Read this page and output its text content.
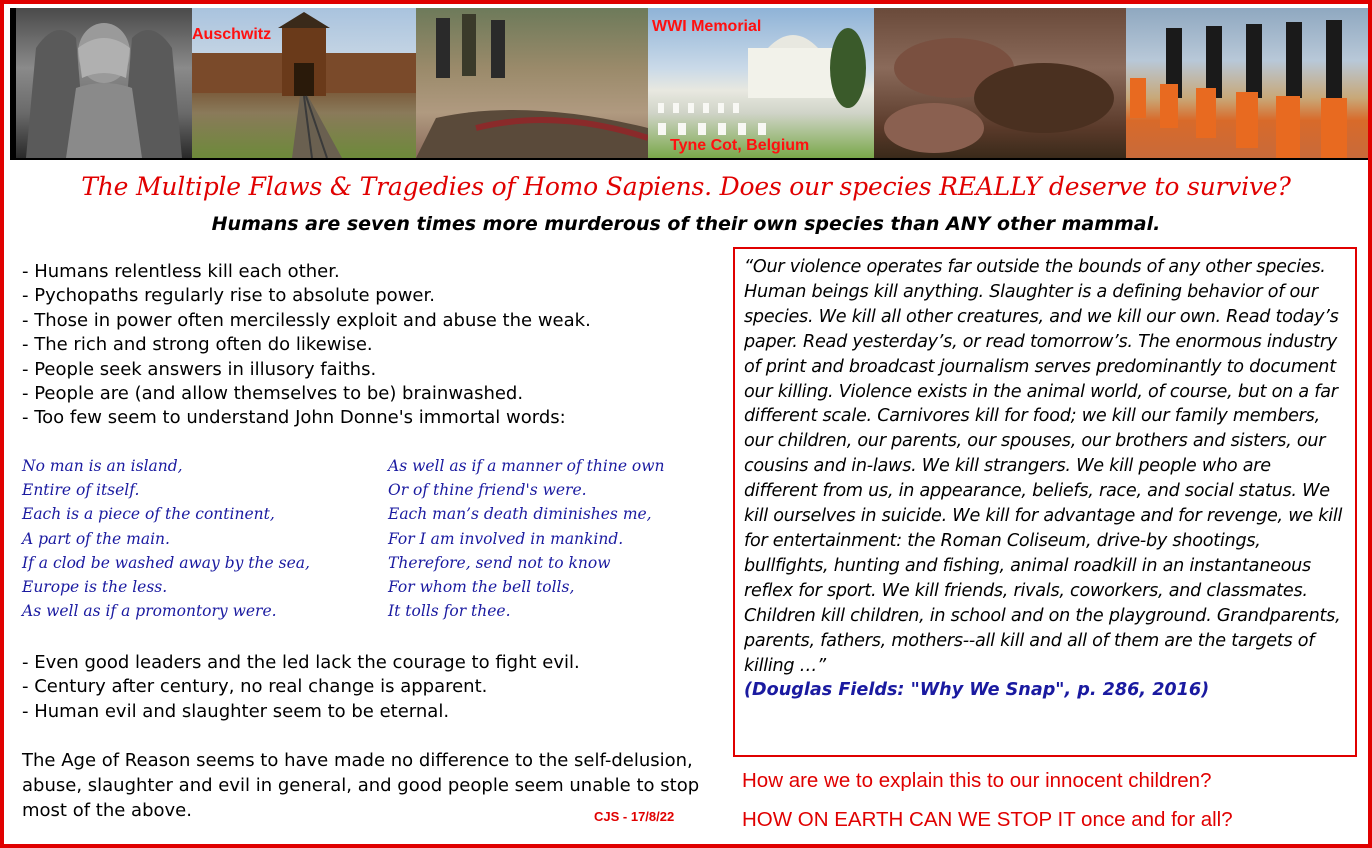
Auschwitz	WWI Memorial
Tyne Cot, Belgium
The Multiple Flaws & Tragedies of Homo Sapiens. Does our species REALLY deserve to survive?
Humans are seven times more murderous of their own species than ANY other mammal.
- Humans relentless kill each other.
- Pychopaths regularly rise to absolute power.
- Those in power often mercilessly exploit and abuse the weak.
- The rich and strong often do likewise.
- People seek answers in illusory faiths.
- People are (and allow themselves to be) brainwashed.
- Too few seem to understand John Donne's immortal words:
No man is an island,
Entire of itself.
Each is a piece of the continent,
A part of the main.
If a clod be washed away by the sea,
Europe is the less.
As well as if a promontory were.
As well as if a manner of thine own
Or of thine friend's were.
Each man’s death diminishes me,
For I am involved in mankind.
Therefore, send not to know
For whom the bell tolls,
It tolls for thee.
- Even good leaders and the led lack the courage to fight evil.
- Century after century, no real change is apparent.
- Human evil and slaughter seem to be eternal.
The Age of Reason seems to have made no difference to the self-delusion, abuse, slaughter and evil in general, and good people seem unable to stop most of the above.	CJS - 17/8/22
“Our violence operates far outside the bounds of any other species. Human beings kill anything. Slaughter is a defining behavior of our species. We kill all other creatures, and we kill our own. Read today’s paper. Read yesterday’s, or read tomorrow’s. The enormous industry of print and broadcast journalism serves predominantly to document our killing. Violence exists in the animal world, of course, but on a far different scale. Carnivores kill for food; we kill our family members, our children, our parents, our spouses, our brothers and sisters, our cousins and in-laws. We kill strangers. We kill people who are different from us, in appearance, beliefs, race, and social status. We kill ourselves in suicide. We kill for advantage and for revenge, we kill for entertainment: the Roman Coliseum, drive-by shootings, bullfights, hunting and fishing, animal roadkill in an instantaneous reflex for sport. We kill friends, rivals, coworkers, and classmates. Children kill children, in school and on the playground. Grandparents, parents, fathers, mothers--all kill and all of them are the targets of killing …”
(Douglas Fields: "Why We Snap", p. 286, 2016)
How are we to explain this to our innocent children?
HOW ON EARTH CAN WE STOP IT once and for all?
